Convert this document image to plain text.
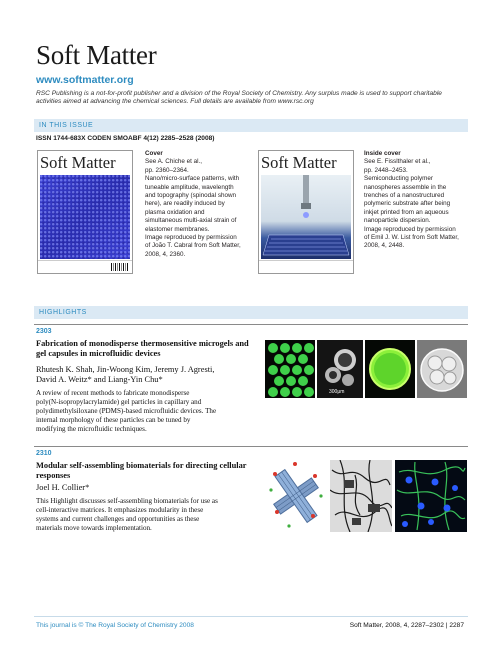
Soft Matter
www.softmatter.org
RSC Publishing is a not-for-profit publisher and a division of the Royal Society of Chemistry. Any surplus made is used to support charitable activities aimed at advancing the chemical sciences. Full details are available from www.rsc.org
IN THIS ISSUE
ISSN 1744-683X CODEN SMOABF 4(12) 2285–2528 (2008)
Soft Matter	Cover
See A. Chiche et al.,
pp. 2360–2364.
Nano/micro-surface patterns, with
tuneable amplitude, wavelength
and topography (spinodal shown
here), are readily induced by
plasma oxidation and
simultaneous multi-axial strain of
elastomer membranes.
Image reproduced by permission
of João T. Cabral from Soft Matter,
2008, 4, 2360.
Soft Matter	Inside cover
See E. Fisslthaler et al.,
pp. 2448–2453.
Semiconducting polymer
nanospheres assemble in the
trenches of a nanostructured
polymeric substrate after being
inkjet printed from an aqueous
nanoparticle dispersion.
Image reproduced by permission
of Emil J. W. List from Soft Matter,
2008, 4, 2448.
HIGHLIGHTS
2303
Fabrication of monodisperse thermosensitive microgels and
gel capsules in microfluidic devices
Rhutesh K. Shah, Jin-Woong Kim, Jeremy J. Agresti,
David A. Weitz* and Liang-Yin Chu*
A review of recent methods to fabricate monodisperse
poly(N-isopropylacrylamide) gel particles in capillary and
polydimethylsiloxane (PDMS)-based microfluidic devices. The
internal morphology of these particles can be tuned by
modifying the microfluidic techniques.
300μm
2310
Modular self-assembling biomaterials for directing cellular
responses
Joel H. Collier*
This Highlight discusses self-assembling biomaterials for use as
cell-interactive matrices. It emphasizes modularity in these
systems and current challenges and opportunities as these
materials move towards implementation.
This journal is © The Royal Society of Chemistry 2008	Soft Matter, 2008, 4, 2287–2302 | 2287
